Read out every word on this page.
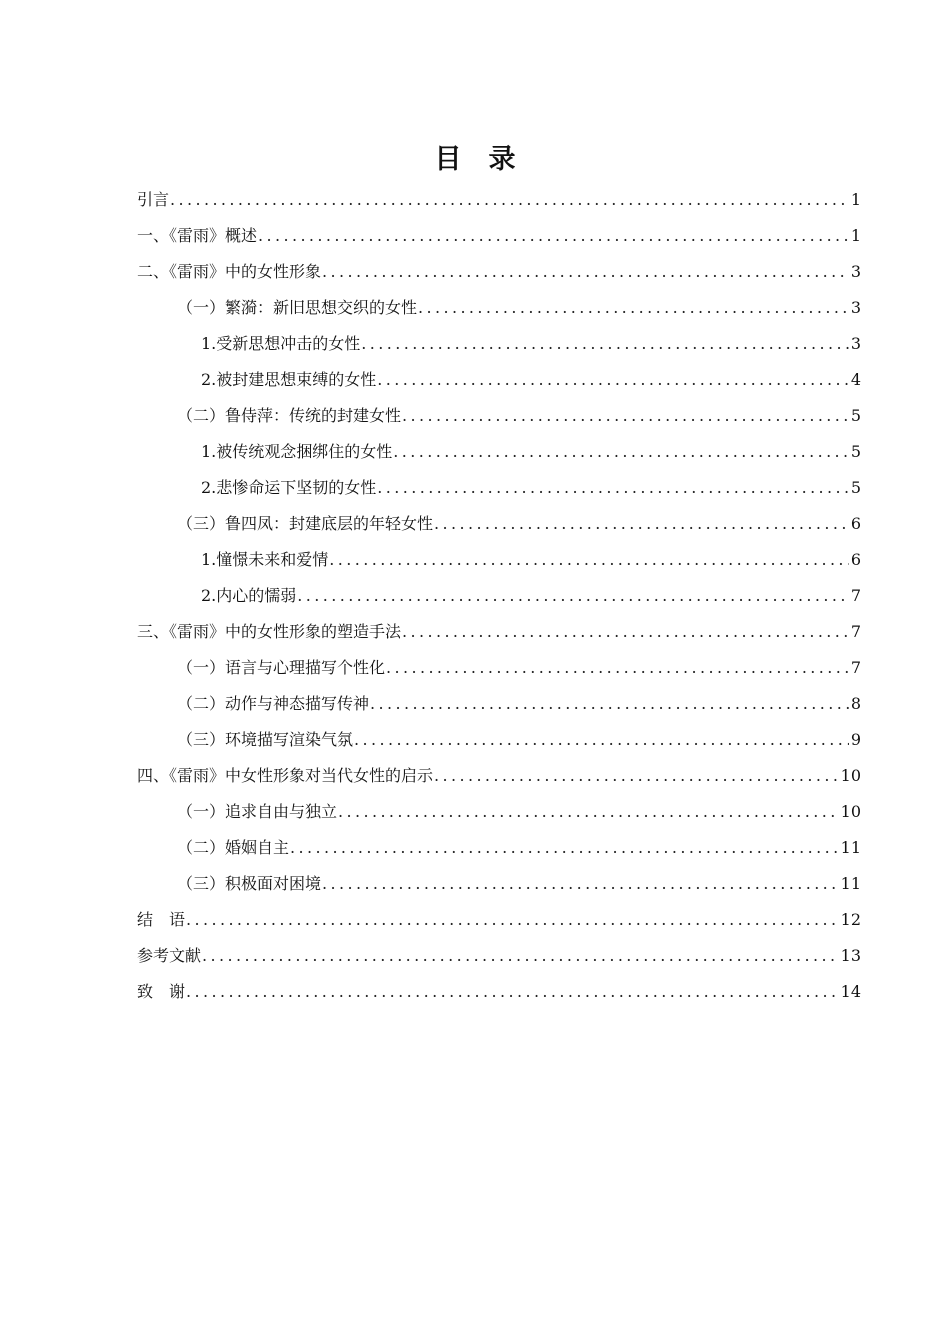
目　录
引言 .....	1
一、《雷雨》概述 .....	1
二、《雷雨》中的女性形象 .....	3
（一）繁漪：新旧思想交织的女性 .....	3
1.受新思想冲击的女性 .....	3
2.被封建思想束缚的女性 .....	4
（二）鲁侍萍：传统的封建女性 .....	5
1.被传统观念捆绑住的女性 .....	5
2.悲惨命运下坚韧的女性 .....	5
（三）鲁四凤：封建底层的年轻女性 .....	6
1.憧憬未来和爱情 .....	6
2.内心的懦弱 .....	7
三、《雷雨》中的女性形象的塑造手法 .....	7
（一）语言与心理描写个性化 .....	7
（二）动作与神态描写传神 .....	8
（三）环境描写渲染气氛 .....	9
四、《雷雨》中女性形象对当代女性的启示 .....	10
（一）追求自由与独立 .....	10
（二）婚姻自主 .....	11
（三）积极面对困境 .....	11
结　语 .....	12
参考文献 .....	13
致　谢 .....	14
